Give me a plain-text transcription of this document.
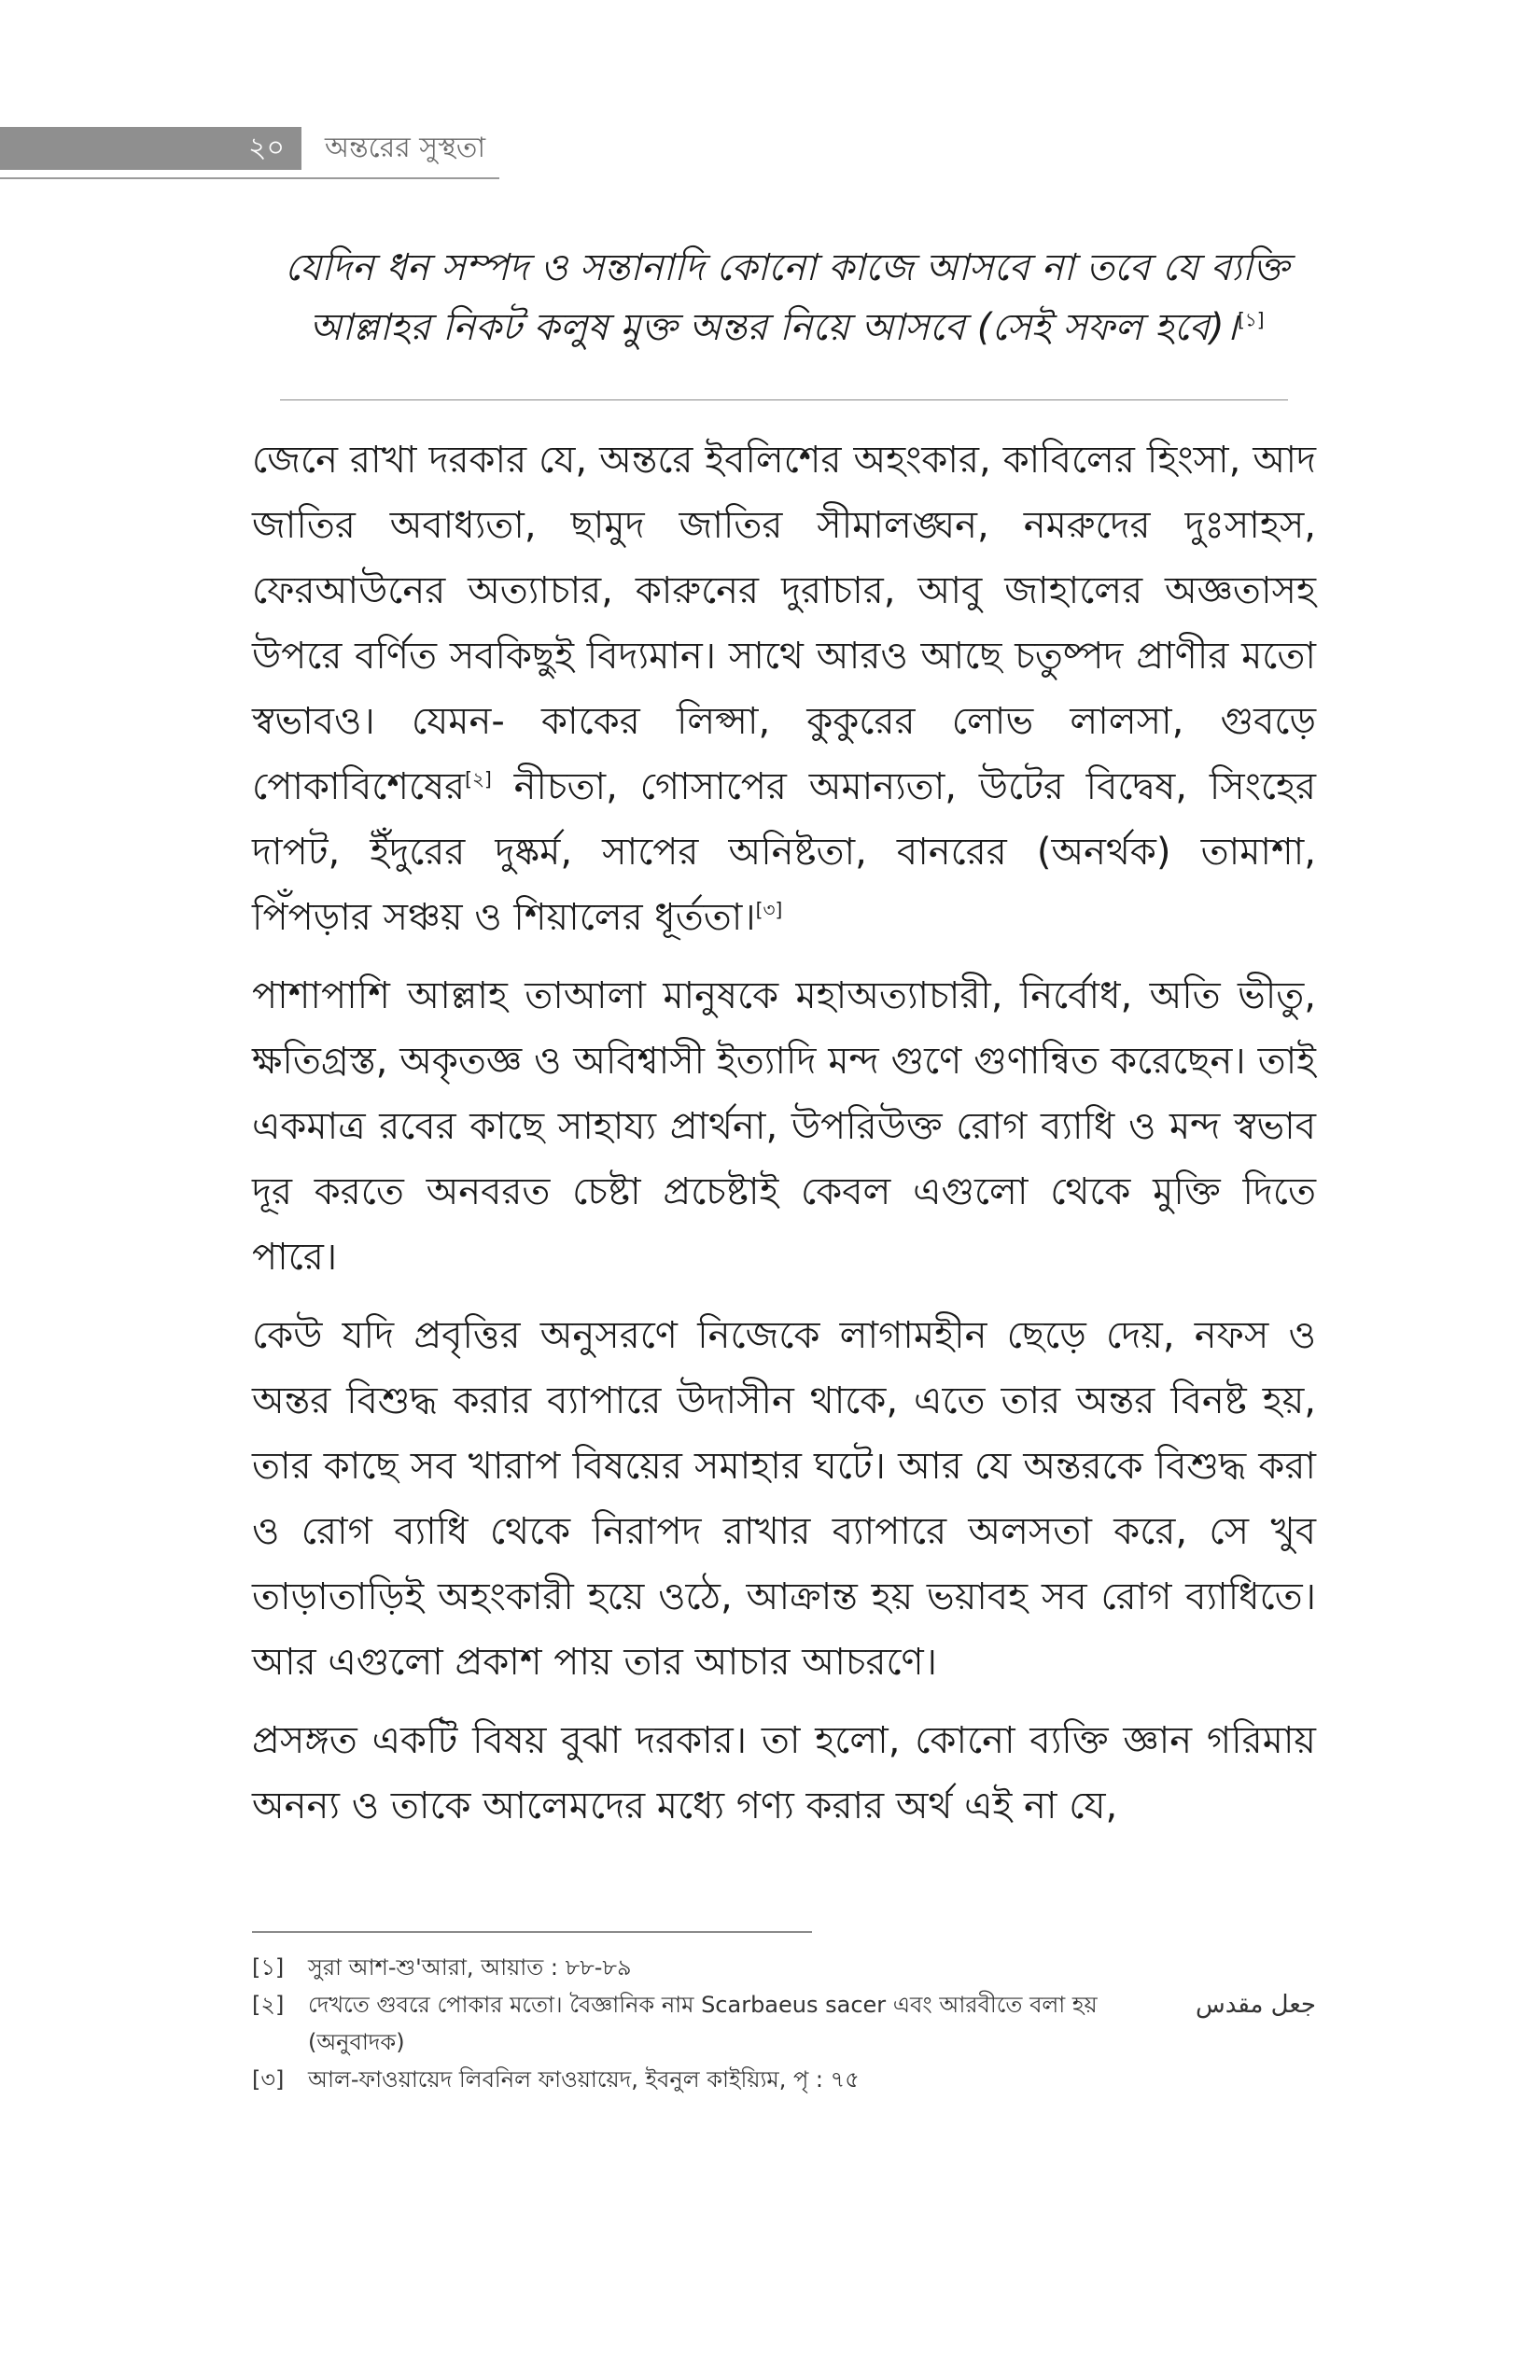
২০	অন্তরের সুস্থতা
যেদিন ধন সম্পদ ও সন্তানাদি কোনো কাজে আসবে না তবে যে ব্যক্তি
আল্লাহর নিকট কলুষ মুক্ত অন্তর নিয়ে আসবে (সেই সফল হবে)।[১]

জেনে রাখা দরকার যে, অন্তরে ইবলিশের অহংকার, কাবিলের হিংসা, আদ জাতির অবাধ্যতা, ছামুদ জাতির সীমালঙ্ঘন, নমরুদের দুঃসাহস, ফেরআউনের অত্যাচার, কারুনের দুরাচার, আবু জাহালের অজ্ঞতাসহ উপরে বর্ণিত সবকিছুই বিদ্যমান। সাথে আরও আছে চতুষ্পদ প্রাণীর মতো স্বভাবও। যেমন- কাকের লিপ্সা, কুকুরের লোভ লালসা, গুবড়ে পোকাবিশেষের[২] নীচতা, গোসাপের অমান্যতা, উটের বিদ্বেষ, সিংহের দাপট, ইঁদুরের দুষ্কর্ম, সাপের অনিষ্টতা, বানরের (অনর্থক) তামাশা, পিঁপড়ার সঞ্চয় ও শিয়ালের ধূর্ততা।[৩]

পাশাপাশি আল্লাহ তাআলা মানুষকে মহাঅত্যাচারী, নির্বোধ, অতি ভীতু, ক্ষতিগ্রস্ত, অকৃতজ্ঞ ও অবিশ্বাসী ইত্যাদি মন্দ গুণে গুণান্বিত করেছেন। তাই একমাত্র রবের কাছে সাহায্য প্রার্থনা, উপরিউক্ত রোগ ব্যাধি ও মন্দ স্বভাব দূর করতে অনবরত চেষ্টা প্রচেষ্টাই কেবল এগুলো থেকে মুক্তি দিতে পারে।

কেউ যদি প্রবৃত্তির অনুসরণে নিজেকে লাগামহীন ছেড়ে দেয়, নফস ও অন্তর বিশুদ্ধ করার ব্যাপারে উদাসীন থাকে, এতে তার অন্তর বিনষ্ট হয়, তার কাছে সব খারাপ বিষয়ের সমাহার ঘটে। আর যে অন্তরকে বিশুদ্ধ করা ও রোগ ব্যাধি থেকে নিরাপদ রাখার ব্যাপারে অলসতা করে, সে খুব তাড়াতাড়িই অহংকারী হয়ে ওঠে, আক্রান্ত হয় ভয়াবহ সব রোগ ব্যাধিতে। আর এগুলো প্রকাশ পায় তার আচার আচরণে।

প্রসঙ্গত একটি বিষয় বুঝা দরকার। তা হলো, কোনো ব্যক্তি জ্ঞান গরিমায় অনন্য ও তাকে আলেমদের মধ্যে গণ্য করার অর্থ এই না যে,

[১]	সুরা আশ-শু'আরা, আয়াত : ৮৮-৮৯
[২]	দেখতে গুবরে পোকার মতো। বৈজ্ঞানিক নাম Scarbaeus sacer এবং আরবীতে বলা হয়	جعل مقدس
(অনুবাদক)
[৩]	আল-ফাওয়ায়েদ লিবনিল ফাওয়ায়েদ, ইবনুল কাইয়্যিম, পৃ : ৭৫
